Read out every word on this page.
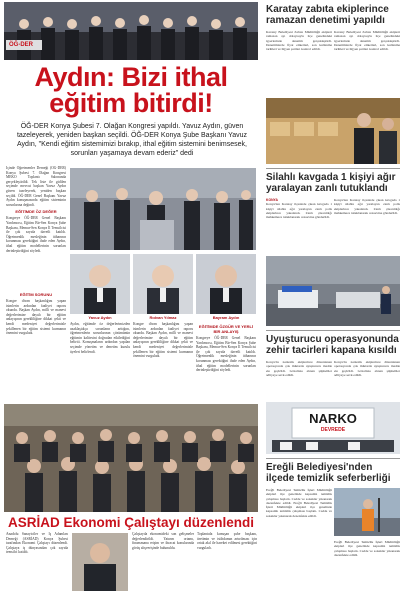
ÖĞ-DER
Aydın: Bizi ithal
eğitim bitirdi!
ÖĞ-DER Konya Şubesi 7. Olağan Kongresi yapıldı. Yavuz Aydın, güven tazeleyerek, yeniden başkan seçildi. ÖĞ-DER Konya Şube Başkanı Yavuz Aydın, "Kendi eğitim sistemimizi bırakıp, ithal eğitim sistemini benimsesek, sorunları yaşamaya devam ederiz" dedi
İçinde Öğretmenler Derneği (ÖĞ-DER) Konya Şubesi 7. Olağan Kongresi MEKO Toplantı Salonunda gerçekleştirildi. Tek liste ile gidilen seçimde mevcut başkan Yavuz Aydın güven tazeleyerek, yeniden başkan seçildi. ÖĞ-DER Genel Başkanı Yavuz Aydın konuşmasında eğitim sisteminin sorunlarına değindi.
EĞİTİMDE ÖZ DEĞER
Kongreye ÖĞ-DER Genel Başkanı Yardımcısı, Eğitim Bir-Sen Konya Şube Başkanı, Memur-Sen Konya İl Temsilcisi ile çok sayıda davetli katıldı. Öğretmenlik mesleğinin itibarının korunması gerektiğini ifade eden Aydın, ithal eğitim modellerinin sorunları derinleştirdiğini söyledi.
Yavuz Aydın	Rıdvan Yılmaz	Bayram Aydın
EĞİTİM SORUNU
Kongre divan başkanlığını yapan isimlerin ardından faaliyet raporu okundu. Başkan Aydın, milli ve manevi değerlerimize dayalı bir eğitim anlayışının gerekliliğine dikkat çekti ve kendi medeniyet değerlerimizle şekillenen bir eğitim sistemi kurmanın önemini vurguladı.
Aydın, eğitimde öz değerlerimizden uzaklaştıkça sorunların arttığını, öğretmenlerin sorunlarının çözümünün eğitimin kalitesini doğrudan etkilediğini belirtti. Konuşmaların ardından yapılan seçimde yönetim ve denetim kurulu üyeleri belirlendi.
Kongre divan başkanlığını yapan isimlerin ardından faaliyet raporu okundu. Başkan Aydın, milli ve manevi değerlerimize dayalı bir eğitim anlayışının gerekliliğine dikkat çekti ve kendi medeniyet değerlerimizle şekillenen bir eğitim sistemi kurmanın önemini vurguladı.
EĞİTİMDE ÖZGÜR VE YERLİ BİR ANLAYIŞ
Kongreye ÖĞ-DER Genel Başkanı Yardımcısı, Eğitim Bir-Sen Konya Şube Başkanı, Memur-Sen Konya İl Temsilcisi ile çok sayıda davetli katıldı. Öğretmenlik mesleğinin itibarının korunması gerektiğini ifade eden Aydın, ithal eğitim modellerinin sorunları derinleştirdiğini söyledi.
ASRİAD Ekonomi Çalıştayı düzenlendi
Anadolu Sanayiciler ve İş Adamları Derneği (ASRİAD) Konya Şubesi tarafından Ekonomi Çalıştayı düzenlendi. Çalıştaya iş dünyasından çok sayıda temsilci katıldı.
Çalıştayda ekonomideki son gelişmeler değerlendirildi. Yatırım ortamı, finansmana erişim ve ihracat konularında görüş alışverişinde bulunuldu.
Toplantıda konuşan şube başkanı, üretimin ve istihdamın artırılması için ortak akıl ile hareket edilmesi gerektiğini vurguladı.
Karatay zabıta ekiplerince ramazan denetimi yapıldı
Karatay Belediyesi Zabıta Müdürlüğü ekipleri ramazan ayı dolayısıyla ilçe genelindeki işyerlerinde denetim gerçekleştirdi. Denetimlerde fiyat etiketleri, son kullanma tarihleri ve hijyen şartları kontrol edildi.
Karatay Belediyesi Zabıta Müdürlüğü ekipleri ramazan ayı dolayısıyla ilçe genelindeki işyerlerinde denetim gerçekleştirdi. Denetimlerde fiyat etiketleri, son kullanma tarihleri ve hijyen şartları kontrol edildi.
Silahlı kavgada 1 kişiyi ağır yaralayan zanlı tutuklandı
KONYA
Konya'nın Karatay ilçesinde çıkan kavgada 1 kişiyi silahla ağır yaralayan zanlı polis ekiplerince yakalandı. Zanlı çıkarıldığı mahkemece tutuklanarak cezaevine gönderildi.
Konya'nın Karatay ilçesinde çıkan kavgada 1 kişiyi silahla ağır yaralayan zanlı polis ekiplerince yakalandı. Zanlı çıkarıldığı mahkemece tutuklanarak cezaevine gönderildi.
Uyuşturucu operasyonunda zehir tacirleri kapana kısıldı
Konya'da narkotik ekiplerince düzenlenen operasyonda çok miktarda uyuşturucu madde ele geçirildi. Gözaltına alınan şüpheliler adliyeye sevk edildi.
Konya'da narkotik ekiplerince düzenlenen operasyonda çok miktarda uyuşturucu madde ele geçirildi. Gözaltına alınan şüpheliler adliyeye sevk edildi.
NARKO
DEVREDE
Ereğli Belediyesi'nden ilçede temizlik seferberliği
Ereğli Belediyesi Temizlik İşleri Müdürlüğü ekipleri ilçe genelinde kapsamlı temizlik çalışması başlattı. Cadde ve sokaklar yıkanarak dezenfekte edildi. Ereğli Belediyesi Temizlik İşleri Müdürlüğü ekipleri ilçe genelinde kapsamlı temizlik çalışması başlattı. Cadde ve sokaklar yıkanarak dezenfekte edildi.
Ereğli Belediyesi Temizlik İşleri Müdürlüğü ekipleri ilçe genelinde kapsamlı temizlik çalışması başlattı. Cadde ve sokaklar yıkanarak dezenfekte edildi.
